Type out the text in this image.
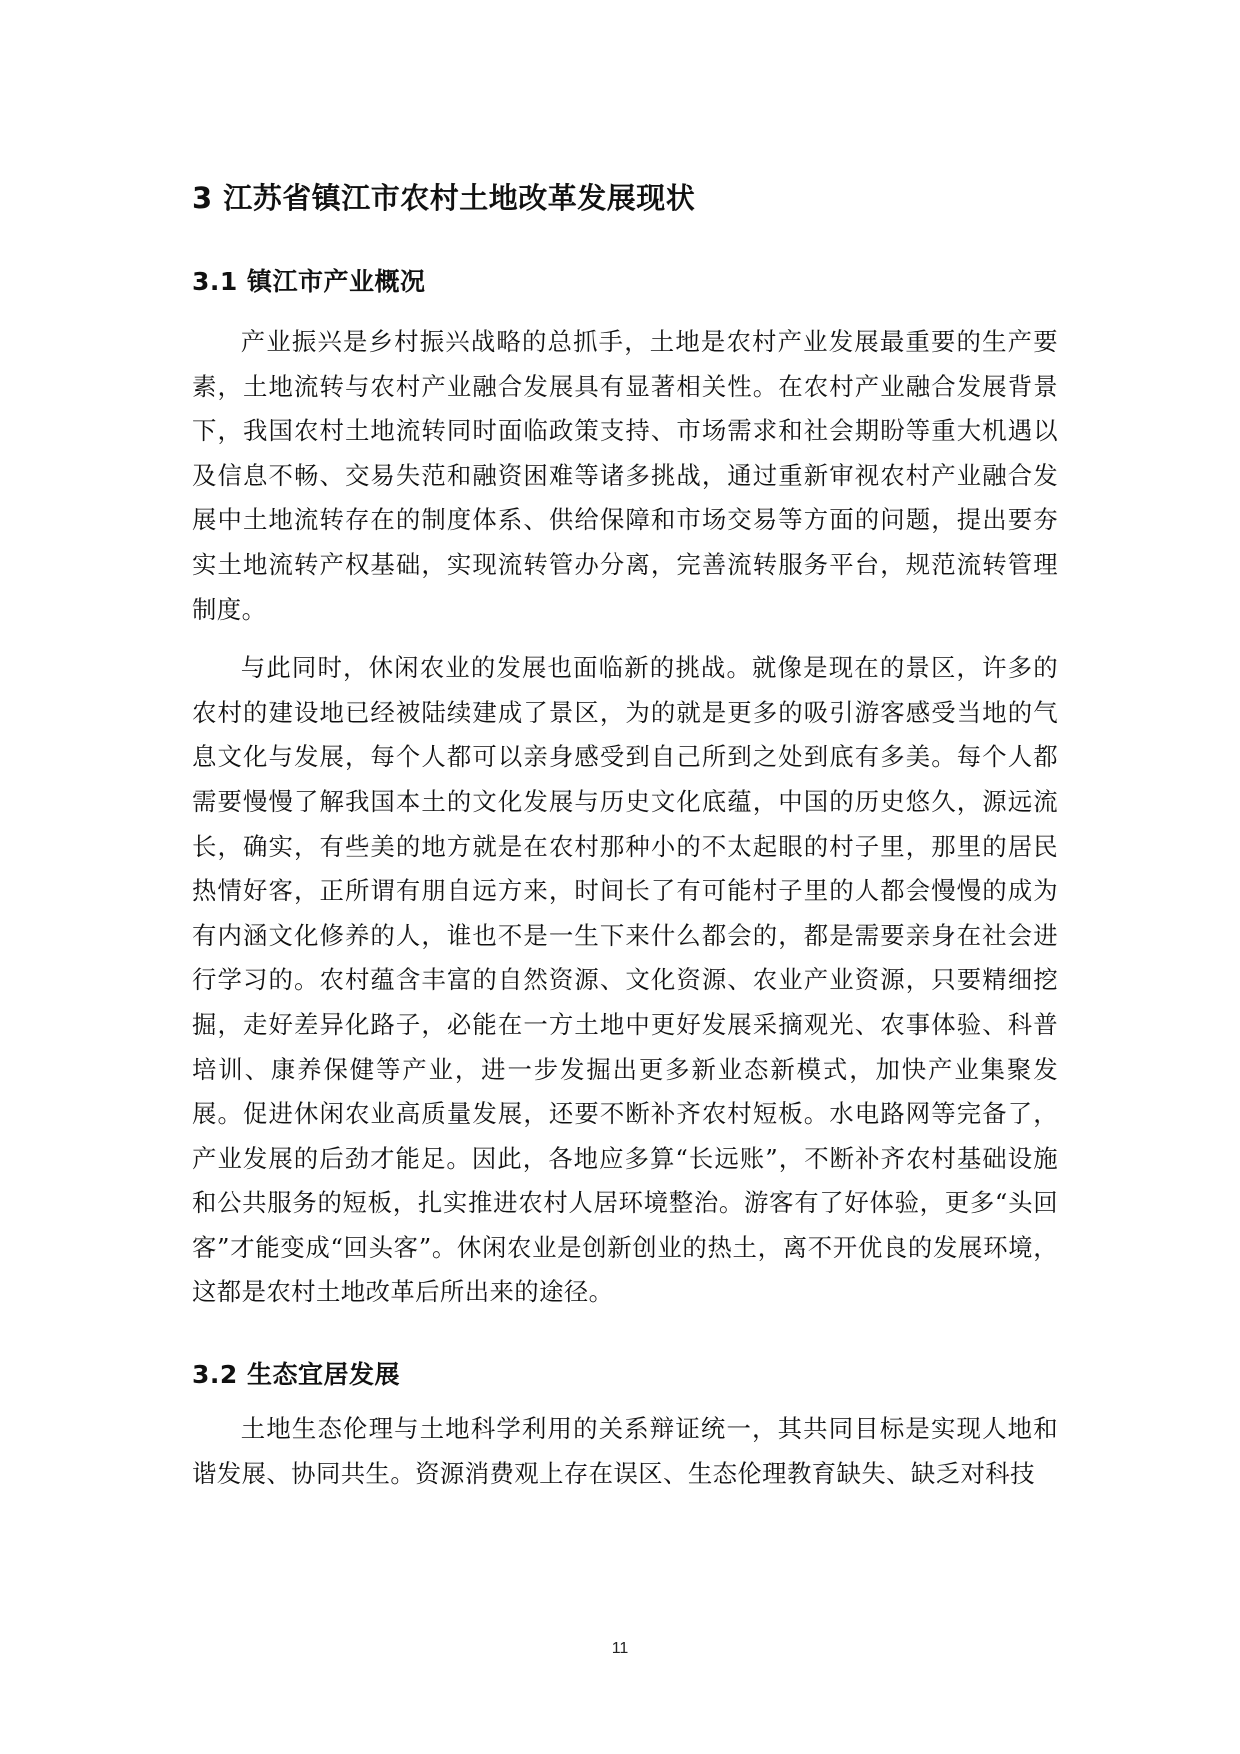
3 江苏省镇江市农村土地改革发展现状
3.1 镇江市产业概况

产业振兴是乡村振兴战略的总抓手，土地是农村产业发展最重要的生产要素，土地流转与农村产业融合发展具有显著相关性。在农村产业融合发展背景下，我国农村土地流转同时面临政策支持、市场需求和社会期盼等重大机遇以及信息不畅、交易失范和融资困难等诸多挑战，通过重新审视农村产业融合发展中土地流转存在的制度体系、供给保障和市场交易等方面的问题，提出要夯实土地流转产权基础，实现流转管办分离，完善流转服务平台，规范流转管理制度。

与此同时，休闲农业的发展也面临新的挑战。就像是现在的景区，许多的农村的建设地已经被陆续建成了景区，为的就是更多的吸引游客感受当地的气息文化与发展，每个人都可以亲身感受到自己所到之处到底有多美。每个人都需要慢慢了解我国本土的文化发展与历史文化底蕴，中国的历史悠久，源远流长，确实，有些美的地方就是在农村那种小的不太起眼的村子里，那里的居民热情好客，正所谓有朋自远方来，时间长了有可能村子里的人都会慢慢的成为有内涵文化修养的人，谁也不是一生下来什么都会的，都是需要亲身在社会进行学习的。农村蕴含丰富的自然资源、文化资源、农业产业资源，只要精细挖掘，走好差异化路子，必能在一方土地中更好发展采摘观光、农事体验、科普培训、康养保健等产业，进一步发掘出更多新业态新模式，加快产业集聚发展。促进休闲农业高质量发展，还要不断补齐农村短板。水电路网等完备了，产业发展的后劲才能足。因此，各地应多算“长远账”，不断补齐农村基础设施和公共服务的短板，扎实推进农村人居环境整治。游客有了好体验，更多“头回客”才能变成“回头客”。休闲农业是创新创业的热土，离不开优良的发展环境，这都是农村土地改革后所出来的途径。

3.2 生态宜居发展

土地生态伦理与土地科学利用的关系辩证统一，其共同目标是实现人地和谐发展、协同共生。资源消费观上存在误区、生态伦理教育缺失、缺乏对科技

11
